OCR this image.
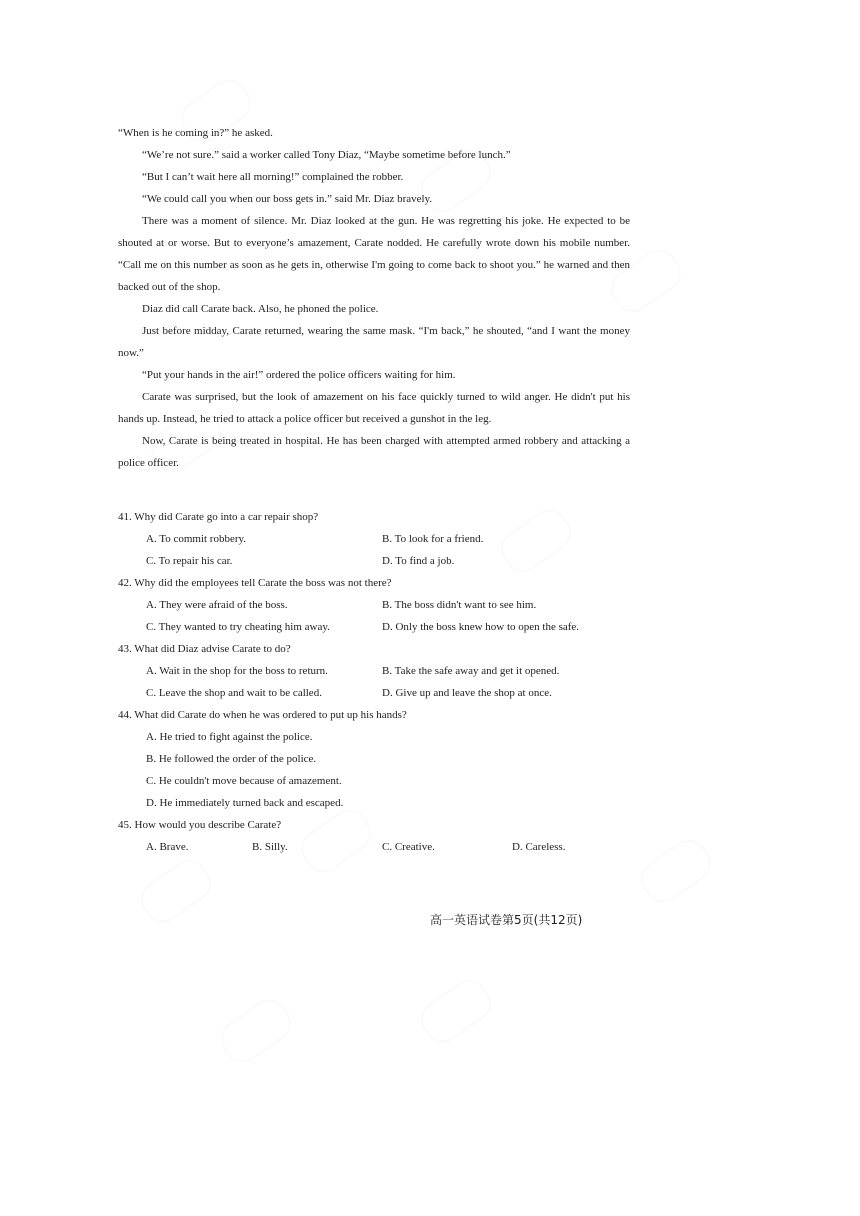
“When is he coming in?” he asked.

“We’re not sure.” said a worker called Tony Diaz, “Maybe sometime before lunch.”

“But I can’t wait here all morning!” complained the robber.

“We could call you when our boss gets in.” said Mr. Diaz bravely.

There was a moment of silence. Mr. Diaz looked at the gun. He was regretting his joke. He expected to be shouted at or worse. But to everyone’s amazement, Carate nodded. He carefully wrote down his mobile number. “Call me on this number as soon as he gets in, otherwise I'm going to come back to shoot you.” he warned and then backed out of the shop.

Diaz did call Carate back. Also, he phoned the police.

Just before midday, Carate returned, wearing the same mask. “I'm back,” he shouted, “and I want the money now.”

“Put your hands in the air!” ordered the police officers waiting for him.

Carate was surprised, but the look of amazement on his face quickly turned to wild anger. He didn't put his hands up. Instead, he tried to attack a police officer but received a gunshot in the leg.

Now, Carate is being treated in hospital. He has been charged with attempted armed robbery and attacking a police officer.

41. Why did Carate go into a car repair shop?
A. To commit robbery.	B. To look for a friend.
C. To repair his car.	D. To find a job.
42. Why did the employees tell Carate the boss was not there?
A. They were afraid of the boss.	B. The boss didn't want to see him.
C. They wanted to try cheating him away.	D. Only the boss knew how to open the safe.
43. What did Diaz advise Carate to do?
A. Wait in the shop for the boss to return.	B. Take the safe away and get it opened.
C. Leave the shop and wait to be called.	D. Give up and leave the shop at once.
44. What did Carate do when he was ordered to put up his hands?
A. He tried to fight against the police.
B. He followed the order of the police.
C. He couldn't move because of amazement.
D. He immediately turned back and escaped.
45. How would you describe Carate?
A. Brave.	B. Silly.	C. Creative.	D. Careless.
高一英语试卷第5页(共12页)
